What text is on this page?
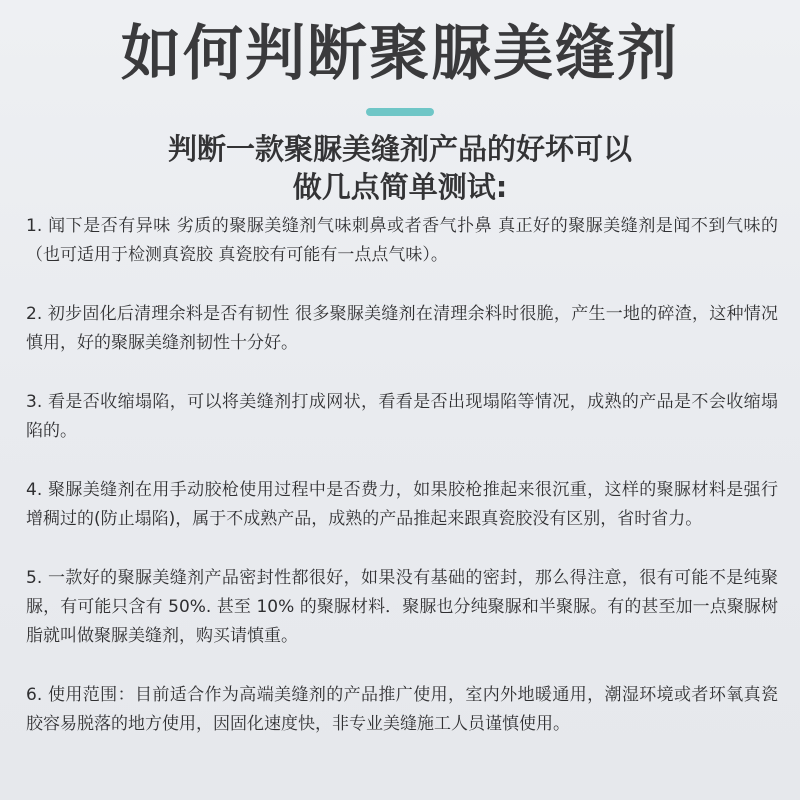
如何判断聚脲美缝剂
判断一款聚脲美缝剂产品的好坏可以
做几点简单测试:
1. 闻下是否有异味 劣质的聚脲美缝剂气味刺鼻或者香气扑鼻 真正好的聚脲美缝剂是闻不到气味的（也可适用于检测真瓷胶 真瓷胶有可能有一点点气味）。
2. 初步固化后清理余料是否有韧性 很多聚脲美缝剂在清理余料时很脆，产生一地的碎渣，这种情况慎用，好的聚脲美缝剂韧性十分好。
3. 看是否收缩塌陷，可以将美缝剂打成网状，看看是否出现塌陷等情况，成熟的产品是不会收缩塌陷的。
4. 聚脲美缝剂在用手动胶枪使用过程中是否费力，如果胶枪推起来很沉重，这样的聚脲材料是强行增稠过的(防止塌陷)，属于不成熟产品，成熟的产品推起来跟真瓷胶没有区别，省时省力。
5. 一款好的聚脲美缝剂产品密封性都很好，如果没有基础的密封，那么得注意，很有可能不是纯聚脲，有可能只含有 50%. 甚至 10% 的聚脲材料．聚脲也分纯聚脲和半聚脲。有的甚至加一点聚脲树脂就叫做聚脲美缝剂，购买请慎重。
6. 使用范围：目前适合作为高端美缝剂的产品推广使用，室内外地暖通用，潮湿环境或者环氧真瓷胶容易脱落的地方使用，因固化速度快，非专业美缝施工人员谨慎使用。
